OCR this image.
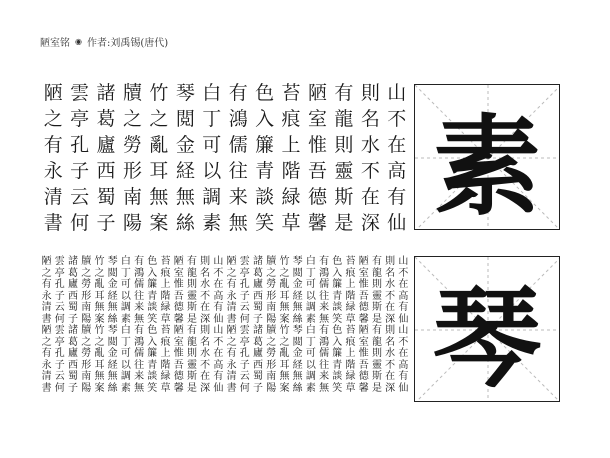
陋室铭 ◉ 作者:刘禹锡(唐代)
山
不
在
高
有
仙
則
名
水
不
在
深
有
龍
則
靈
斯
是
陋
室
惟
吾
德
馨
苔
痕
上
階
緑
草
色
入
簾
青
談
笑
有
鴻
儒
往
来
無
白
丁
可
以
調
素
琴
閲
金
経
無
絲
竹
之
亂
耳
無
案
牘
之
勞
形
南
陽
諸
葛
廬
西
蜀
子
雲
亭
孔
子
云
何
陋
之
有
永
清
書
山
不
在
高
有
仙
山
不
在
高
有
仙
則
名
水
不
在
深
則
名
水
不
在
深
有
龍
則
靈
斯
是
有
龍
則
靈
斯
是
陋
室
惟
吾
德
馨
陋
室
惟
吾
德
馨
苔
痕
上
階
緑
草
苔
痕
上
階
緑
草
色
入
簾
青
談
笑
色
入
簾
青
談
笑
有
鴻
儒
往
来
無
有
鴻
儒
往
来
無
白
丁
可
以
調
素
白
丁
可
以
調
素
琴
閲
金
経
無
絲
琴
閲
金
経
無
絲
竹
之
亂
耳
無
案
竹
之
亂
耳
無
案
牘
之
勞
形
南
陽
牘
之
勞
形
南
陽
諸
葛
廬
西
蜀
子
諸
葛
廬
西
蜀
子
雲
亭
孔
子
云
何
雲
亭
孔
子
云
何
陋
之
有
永
清
書
陋
之
有
永
清
書
山
不
在
高
有
仙
山
不
在
高
有
仙
則
名
水
不
在
深
則
名
水
不
在
深
有
龍
則
靈
斯
是
有
龍
則
靈
斯
是
陋
室
惟
吾
德
馨
陋
室
惟
吾
德
馨
苔
痕
上
階
緑
草
苔
痕
上
階
緑
草
色
入
簾
青
談
笑
色
入
簾
青
談
笑
有
鴻
儒
往
来
無
有
鴻
儒
往
来
無
白
丁
可
以
調
素
白
丁
可
以
調
素
琴
閲
金
経
無
絲
琴
閲
金
経
無
絲
竹
之
亂
耳
無
案
竹
之
亂
耳
無
案
牘
之
勞
形
南
陽
牘
之
勞
形
南
陽
諸
葛
廬
西
蜀
子
諸
葛
廬
西
蜀
子
雲
亭
孔
子
云
何
雲
亭
孔
子
云
何
陋
之
有
永
清
書
陋
之
有
永
清
書
素
琴
